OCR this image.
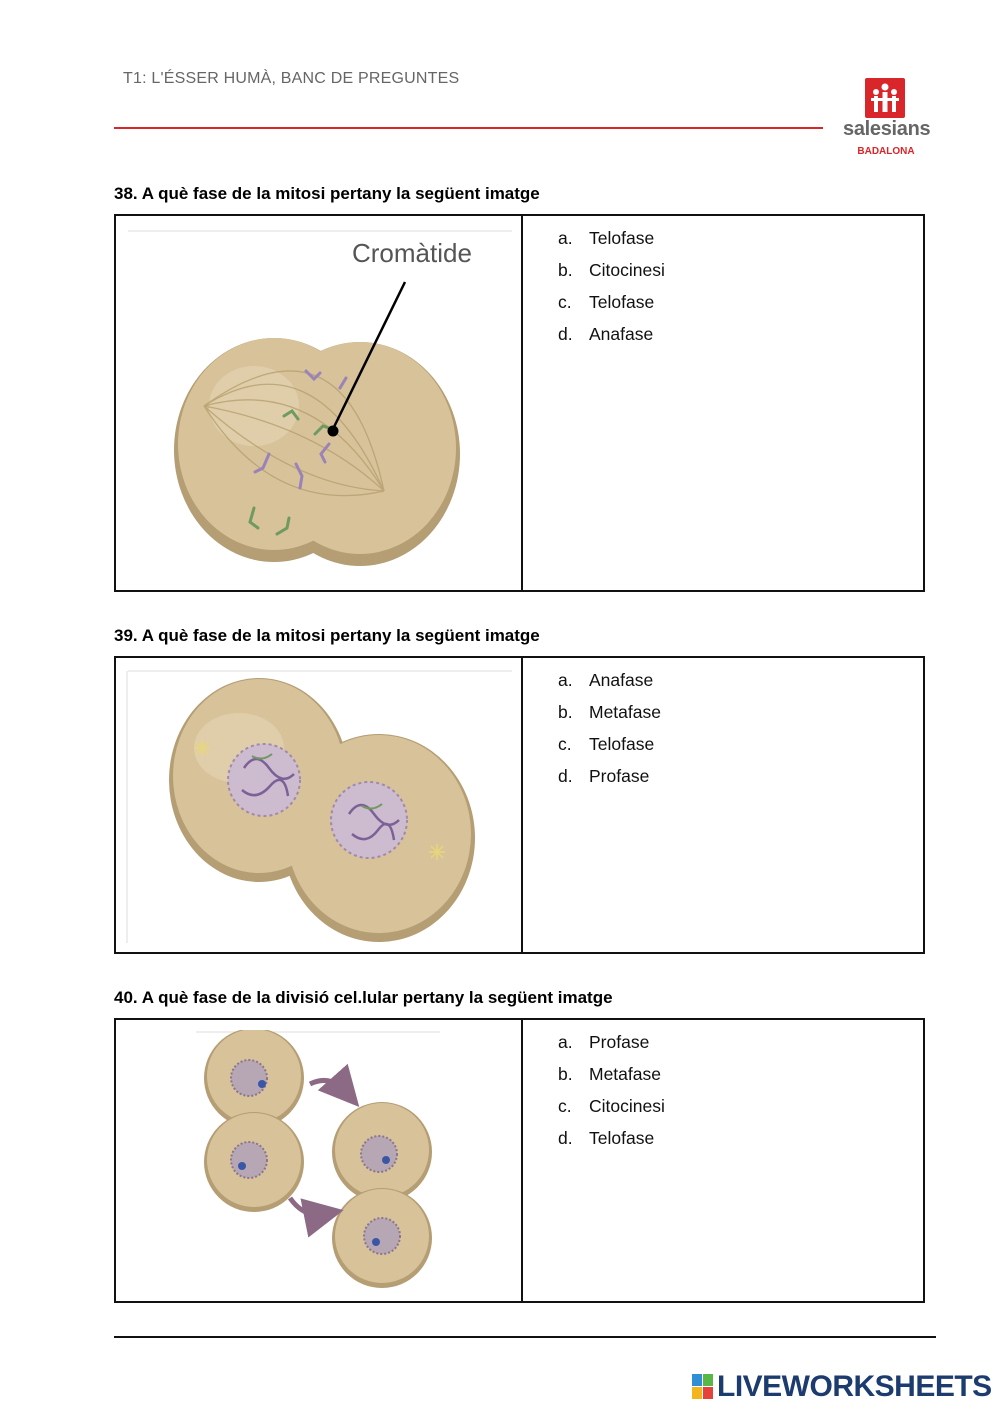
T1: L'ÉSSER HUMÀ, BANC DE PREGUNTES
salesians
BADALONA
38. A què fase de la mitosi pertany la següent imatge
Cromàtide	a. Telofase
b. Citocinesi
c. Telofase
d. Anafase
39. A què fase de la mitosi pertany la següent imatge
a. Anafase
b. Metafase
c. Telofase
d. Profase
40. A què fase de la divisió cel.lular pertany la següent imatge
a. Profase
b. Metafase
c. Citocinesi
d. Telofase
LIVEWORKSHEETS
